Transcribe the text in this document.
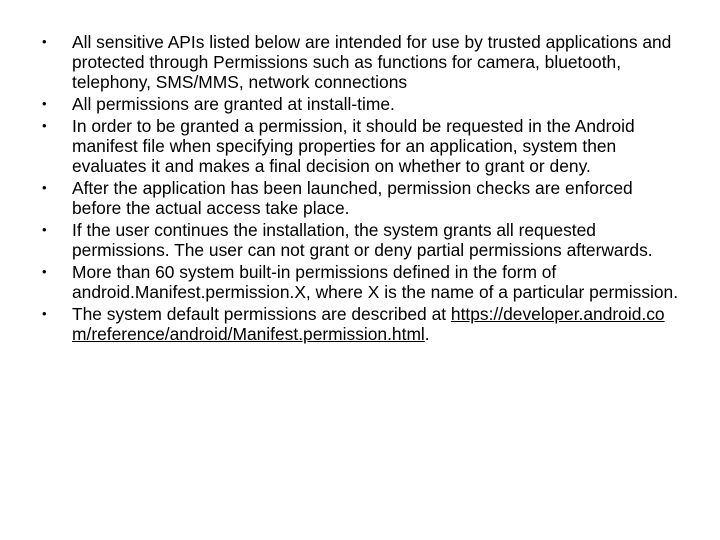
•	All sensitive APIs listed below are intended for use by trusted applications and protected through Permissions such as functions for camera, bluetooth, telephony, SMS/MMS, network connections
•	All permissions are granted at install-time.
•	In order to be granted a permission, it should be requested in the Android manifest file when specifying properties for an application, system then evaluates it and makes a final decision on whether to grant or deny.
•	After the application has been launched, permission checks are enforced before the actual access take place.
•	If the user continues the installation, the system grants all requested permissions. The user can not grant or deny partial permissions afterwards.
•	More than 60 system built-in permissions defined in the form of android.Manifest.permission.X, where X is the name of a particular permission.
•	The system default permissions are described at https://developer.android.com/reference/android/Manifest.permission.html.
